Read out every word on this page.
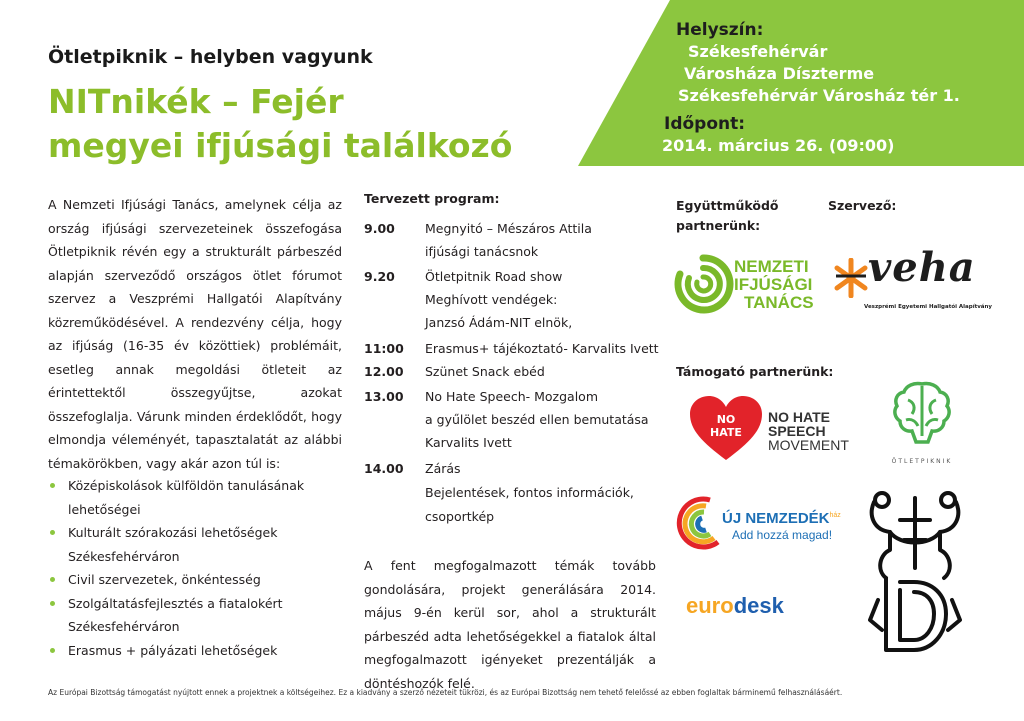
Ötletpiknik – helyben vagyunk
NITnikék – Fejér
megyei ifjúsági találkozó
Helyszín:
Székesfehérvár
Városháza Díszterme
Székesfehérvár Városház tér 1.
Időpont:
2014. március 26. (09:00)

A Nemzeti Ifjúsági Tanács, amelynek célja az ország ifjúsági szervezeteinek összefogása Ötletpiknik révén egy a strukturált párbeszéd alapján szerveződő országos ötlet fórumot szervez a Veszprémi Hallgatói Alapítvány közreműködésével. A rendezvény célja, hogy az ifjúság (16-35 év közöttiek) problémáit, esetleg annak megoldási ötleteit az érintettektől összegyűjtse, azokat összefoglalja. Várunk minden érdeklődőt, hogy elmondja véleményét, tapasztalatát az alábbi témakörökben, vagy akár azon túl is:

Középiskolások külföldön tanulásának lehetőségei
Kulturált szórakozási lehetőségek Székesfehérváron
Civil szervezetek, önkéntesség
Szolgáltatásfejlesztés a fiatalokért Székesfehérváron
Erasmus + pályázati lehetőségek
Tervezett program:
9.00 Megnyitó – Mészáros Attila
ifjúsági tanácsnok
9.20 Ötletpitnik Road show
Meghívott vendégek:
Janzsó Ádám-NIT elnök,
11:00 Erasmus+ tájékoztató- Karvalits Ivett
12.00 Szünet Snack ebéd
13.00 No Hate Speech- Mozgalom
a gyűlölet beszéd ellen bemutatása
Karvalits Ivett
14.00 Zárás
Bejelentések, fontos információk,
csoportkép

A fent megfogalmazott témák tovább gondolására, projekt generálására 2014. május 9-én kerül sor, ahol a strukturált párbeszéd adta lehetőségekkel a fiatalok által megfogalmazott igényeket prezentálják a döntéshozók felé.

Együttműködő
partnerünk:
Szervező:
Támogató partnerünk:
NEMZETI
IFJÚSÁGI
TANÁCS
veha
Veszprémi Egyetemi Hallgatói Alapítvány
NO
HATE
NO HATE
SPEECH
MOVEMENT
ÖTLETPIKNIK
ÚJ $NEMZEDÉK^{ház}$
Add hozzá magad!
eurodesk
Az Európai Bizottság támogatást nyújtott ennek a projektnek a költségeihez. Ez a kiadvány a szerző nézeteit tükrözi, és az Európai Bizottság nem tehető felelőssé az ebben foglaltak bárminemű felhasználásáért.
